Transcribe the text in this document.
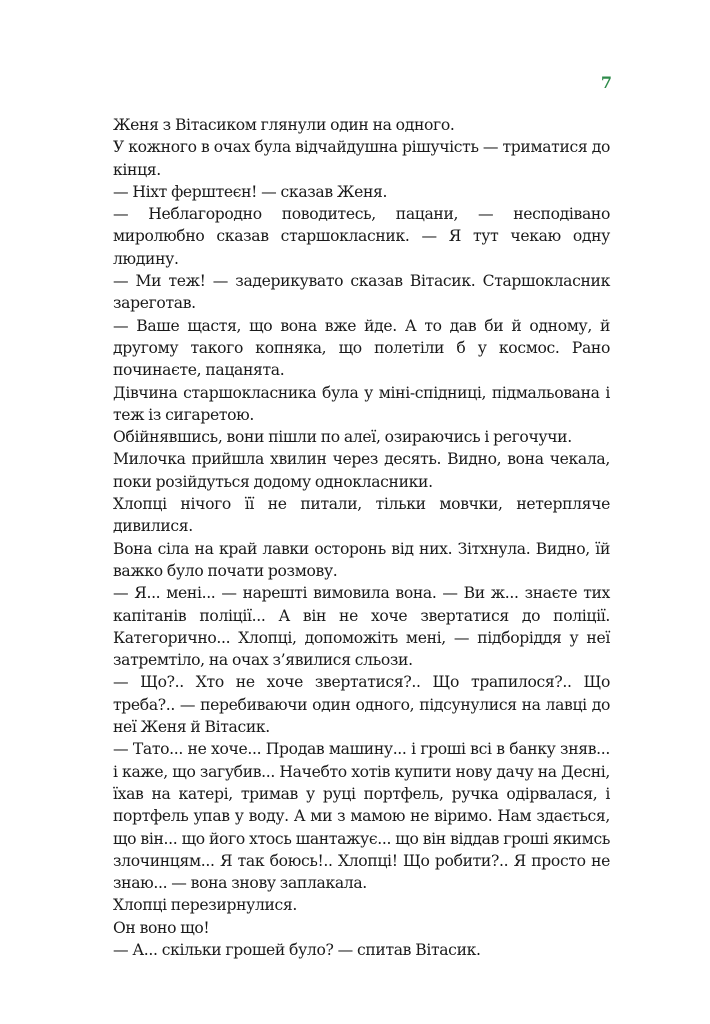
7

Женя з Вітасиком глянули один на одного.

У кожного в очах була відчайдушна рішучість — триматися до кінця.

— Ніхт ферштеєн! — сказав Женя.

— Неблагородно поводитесь, пацани, — несподівано миролюбно сказав старшокласник. — Я тут чекаю одну людину.

— Ми теж! — задерикувато сказав Вітасик. Старшокласник зареготав.

— Ваше щастя, що вона вже йде. А то дав би й одному, й другому такого копняка, що полетіли б у космос. Рано починаєте, пацанята.

Дівчина старшокласника була у міні-спідниці, підмальована і теж із сигаретою.

Обійнявшись, вони пішли по алеї, озираючись і регочучи.

Милочка прийшла хвилин через десять. Видно, вона чекала, поки розійдуться додому однокласники.

Хлопці нічого її не питали, тільки мовчки, нетерпляче дивилися.

Вона сіла на край лавки осторонь від них. Зітхнула. Видно, їй важко було почати розмову.

— Я... мені... — нарешті вимовила вона. — Ви ж... знаєте тих капітанів поліції... А він не хоче звертатися до поліції. Категорично... Хлопці, допоможіть мені, — підборіддя у неї затремтіло, на очах з’явилися сльози.

— Що?.. Хто не хоче звертатися?.. Що трапилося?.. Що треба?.. — перебиваючи один одного, підсунулися на лавці до неї Женя й Вітасик.

— Тато... не хоче... Продав машину... і гроші всі в банку зняв... і каже, що загубив... Начебто хотів купити нову дачу на Десні, їхав на катері, тримав у руці портфель, ручка одірвалася, і портфель упав у воду. А ми з мамою не віримо. Нам здається, що він... що його хтось шантажує... що він віддав гроші якимсь злочинцям... Я так боюсь!.. Хлопці! Що робити?.. Я просто не знаю... — вона знову заплакала.

Хлопці перезирнулися.

Он воно що!

— А... скільки грошей було? — спитав Вітасик.
